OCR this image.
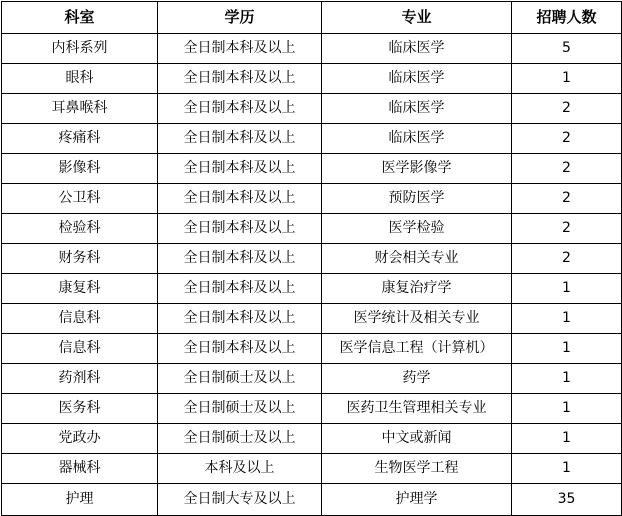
科室	学历	专业	招聘人数
内科系列	全日制本科及以上	临床医学	5
眼科	全日制本科及以上	临床医学	1
耳鼻喉科	全日制本科及以上	临床医学	2
疼痛科	全日制本科及以上	临床医学	2
影像科	全日制本科及以上	医学影像学	2
公卫科	全日制本科及以上	预防医学	2
检验科	全日制本科及以上	医学检验	2
财务科	全日制本科及以上	财会相关专业	2
康复科	全日制本科及以上	康复治疗学	1
信息科	全日制本科及以上	医学统计及相关专业	1
信息科	全日制本科及以上	医学信息工程（计算机）	1
药剂科	全日制硕士及以上	药学	1
医务科	全日制硕士及以上	医药卫生管理相关专业	1
党政办	全日制硕士及以上	中文或新闻	1
器械科	本科及以上	生物医学工程	1
护理	全日制大专及以上	护理学	35
